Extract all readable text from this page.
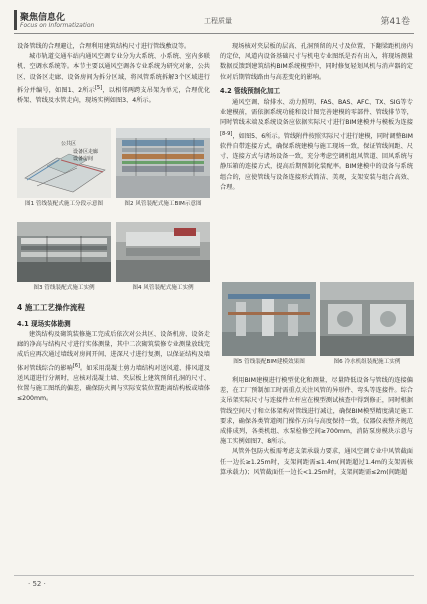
聚焦信息化
Focus on Informatization
工程质量	第41卷

设备管线的合理避让，合理利用建筑结构尺寸进行管线敷设等。

城市轨道交通车站内通风空调专业分为大系统、小系统、室内多联机、空调水系统等。本节主要以通风空调各专业系统为研究对象，公共区、设备区走廊、设备房间为拆分区域，将风管系统拆解3个区域进行拆分并编号，如图1、2所示[5]，以相邻两跨支吊架为单元，合理优化桥架、管线及水管走向，现场实例如图3、4所示。

公共区
设备区走廊
设备房间
图1 管线装配式施工分段示意图	图2 风管装配式施工BIM示意图
图3 管线装配式施工实例	图4 风管装配式施工实例
4 施工工艺操作流程
4.1 现场实体勘测

建筑结构及砌筑装修施工完成后依次对公共区、设备机房、设备走廊的净高与结构尺寸进行实体测量，其中二次砌筑装修专业测量放线完成后应再次通过墙线对房间开间、进深尺寸进行复测，以保证结构及墙体对管线综合的影响[6]。如采用混凝土剪力墙结构对送风道、排风道及送风道进行分割时，应核对混凝土墙、夹层板上建筑预留孔洞的尺寸、位置与施工图纸的偏差，确保防火阀与实际安装位置距离结构板或墙体≤200mm。

现场核对夹层板的层高、孔洞预留的尺寸及位置，下翻梁距机房内的定位，风道内设备基础尺寸与机电专业图纸是否有出入，将现场测量数据反馈到建筑结构BIM系统模型中，同时修复轻划风机与消声器的定位对后期管线路由与高差变化的影响。

4.2 管线预制化加工

通风空调、给排水、动力照明、FAS、BAS、AFC、TX、SIG等专业建模前，需依据系统功能和设计图完善建模的零部件、管线排节等，同时管线末端及系统设备应依据实际尺寸进行BIM建模并与模板为连接[8-9]，如图5、6所示。管线附件按照实际尺寸进行建模，同时调整BIM软件自带连接方式，确保系统建模与施工现场一致，保证管线间距、尺寸、连接方式与诸场设备一致，充分考虑空调机组风管道、回风系统与静压箱的连接方式，提高后期预制化装配率。BIM建模中的设备与系统组合的，应使管线与设备连接形式简洁、美观，支架安装与组合高效、合理。

图5 管线装配BIM建模效果图	图6 冷水机组装配施工实例

利用BIM建模进行模型优化和测量，尽量降低设备与管线的连接偏差，在工厂预制加工时需重点关注风管的异形件、弯头等连接件。综合支吊架实际尺寸与连接件立杆应在模型测试核查中得到修正，同时根据管线空间尺寸和立体架构对管线进行减让，确保BIM模型精度满足施工要求，确保各类管道阀门操作方向与高度保持一致，仪器仪表整齐规范成排成列，各类机组、水泵检修空间≥700mm，消防泵房模块示意与施工实例如图7、8所示。

风管外包防火板需考虑支架承载力要求，通风空调专业中风管截面任一边长≥1.25m时，支架间距需≤1.4m(间距超过1.4m的支架需核算承载力)；风管截面任一边长<1.25m时，支架间距需≤2m(间距超

· 52 ·
